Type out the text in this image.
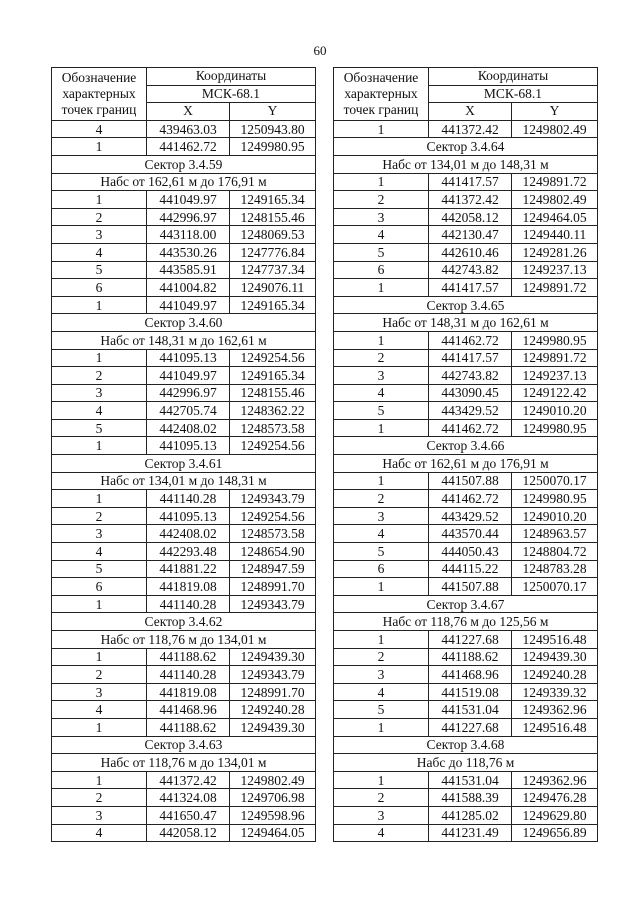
60
Обозначение
характерных
точек границ	Координаты	
	МСК-68.1	
	X	Y
4	439463.03	1250943.80
1	441462.72	1249980.95
Сектор 3.4.59		
Набс от 162,61 м до 176,91 м		
1	441049.97	1249165.34
2	442996.97	1248155.46
3	443118.00	1248069.53
4	443530.26	1247776.84
5	443585.91	1247737.34
6	441004.82	1249076.11
1	441049.97	1249165.34
Сектор 3.4.60		
Набс от 148,31 м до 162,61 м		
1	441095.13	1249254.56
2	441049.97	1249165.34
3	442996.97	1248155.46
4	442705.74	1248362.22
5	442408.02	1248573.58
1	441095.13	1249254.56
Сектор 3.4.61		
Набс от 134,01 м до 148,31 м		
1	441140.28	1249343.79
2	441095.13	1249254.56
3	442408.02	1248573.58
4	442293.48	1248654.90
5	441881.22	1248947.59
6	441819.08	1248991.70
1	441140.28	1249343.79
Сектор 3.4.62		
Набс от 118,76 м до 134,01 м		
1	441188.62	1249439.30
2	441140.28	1249343.79
3	441819.08	1248991.70
4	441468.96	1249240.28
1	441188.62	1249439.30
Сектор 3.4.63		
Набс от 118,76 м до 134,01 м		
1	441372.42	1249802.49
2	441324.08	1249706.98
3	441650.47	1249598.96
4	442058.12	1249464.05
Обозначение
характерных
точек границ	Координаты	
	МСК-68.1	
	X	Y
1	441372.42	1249802.49
Сектор 3.4.64		
Набс от 134,01 м до 148,31 м		
1	441417.57	1249891.72
2	441372.42	1249802.49
3	442058.12	1249464.05
4	442130.47	1249440.11
5	442610.46	1249281.26
6	442743.82	1249237.13
1	441417.57	1249891.72
Сектор 3.4.65		
Набс от 148,31 м до 162,61 м		
1	441462.72	1249980.95
2	441417.57	1249891.72
3	442743.82	1249237.13
4	443090.45	1249122.42
5	443429.52	1249010.20
1	441462.72	1249980.95
Сектор 3.4.66		
Набс от 162,61 м до 176,91 м		
1	441507.88	1250070.17
2	441462.72	1249980.95
3	443429.52	1249010.20
4	443570.44	1248963.57
5	444050.43	1248804.72
6	444115.22	1248783.28
1	441507.88	1250070.17
Сектор 3.4.67		
Набс от 118,76 м до 125,56 м		
1	441227.68	1249516.48
2	441188.62	1249439.30
3	441468.96	1249240.28
4	441519.08	1249339.32
5	441531.04	1249362.96
1	441227.68	1249516.48
Сектор 3.4.68		
Набс до 118,76 м		
1	441531.04	1249362.96
2	441588.39	1249476.28
3	441285.02	1249629.80
4	441231.49	1249656.89
